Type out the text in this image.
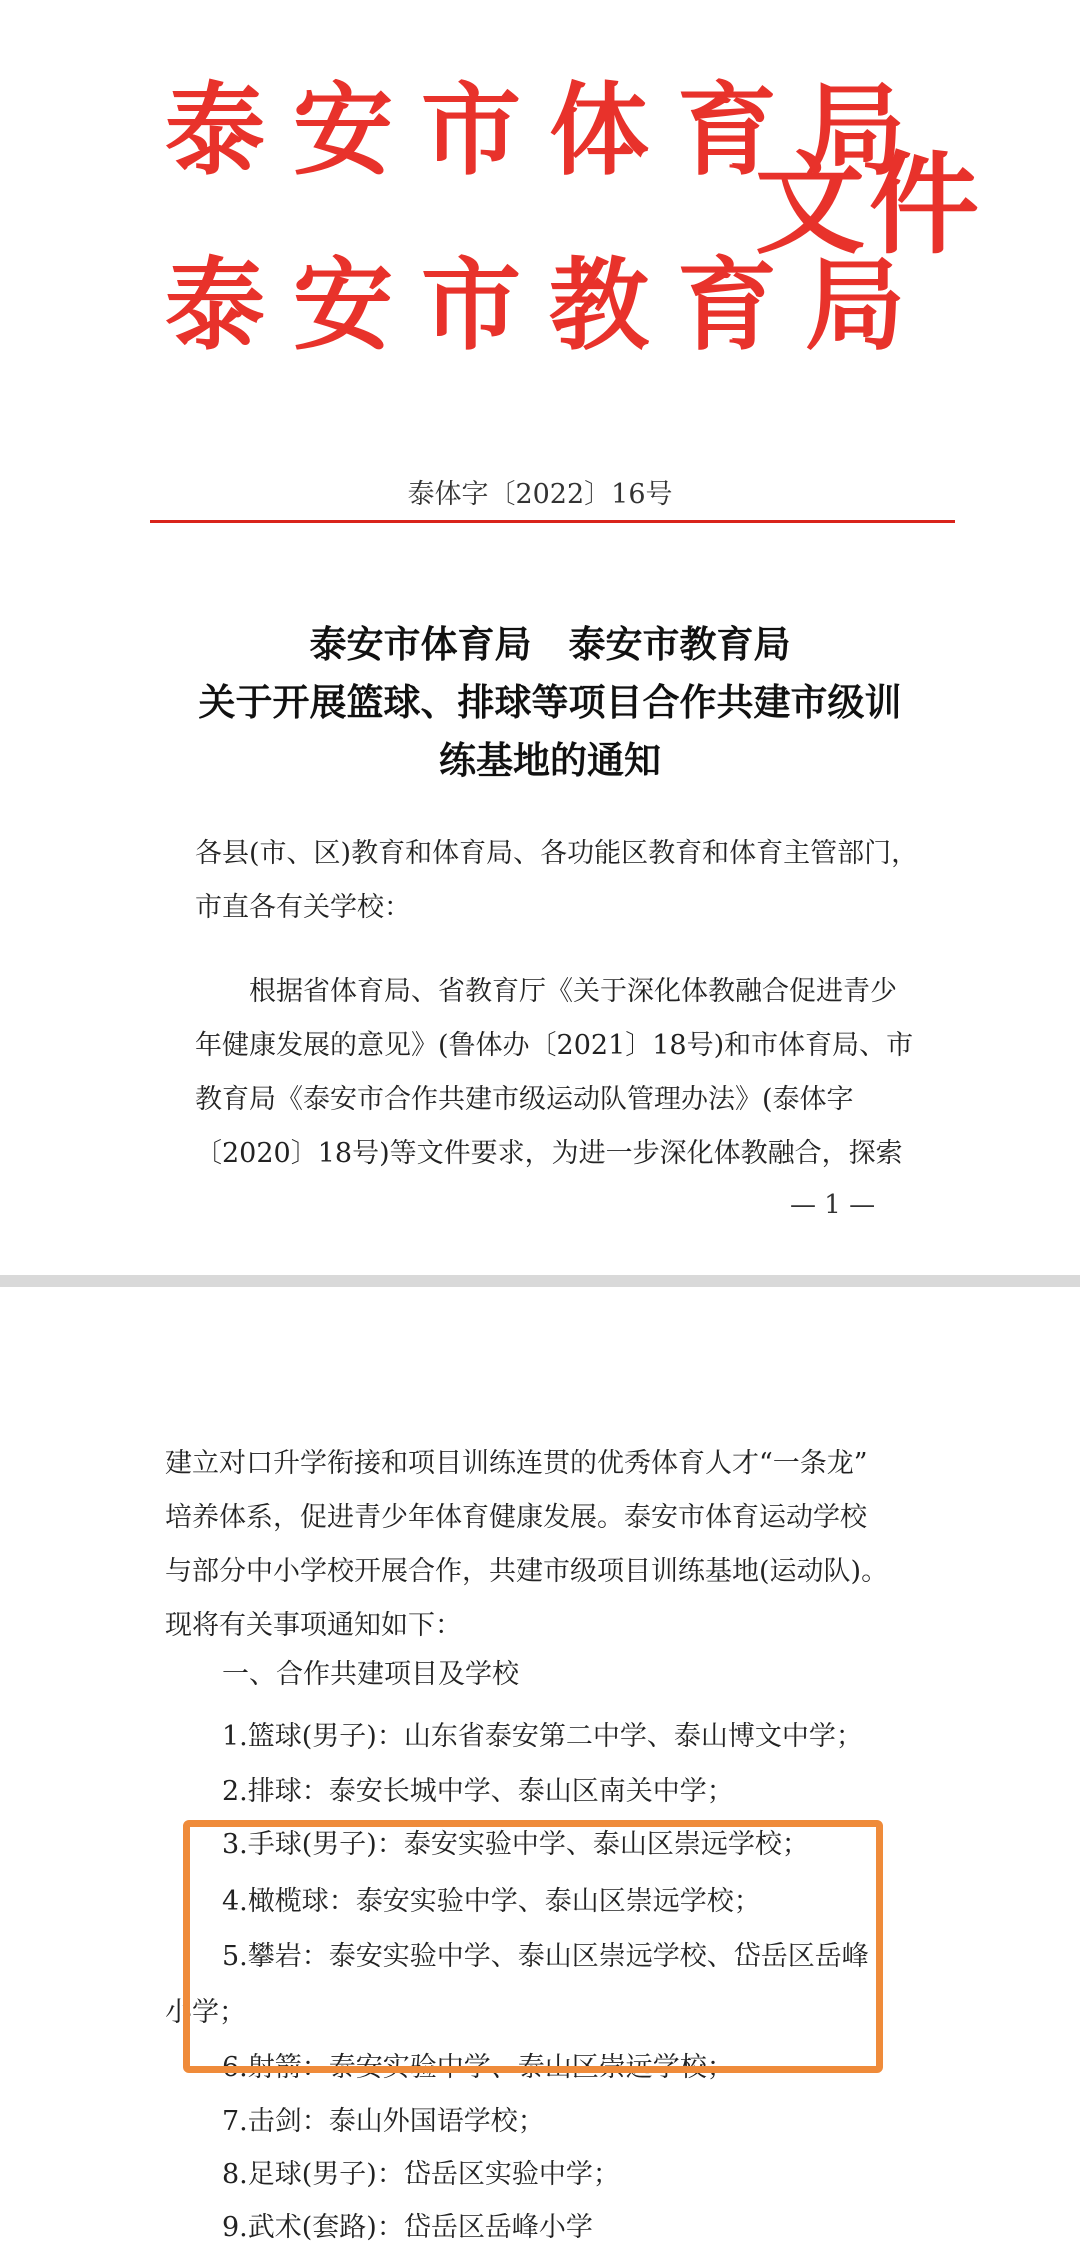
泰安市体育局
泰安市教育局
文件
泰体字〔2022〕16号
泰安市体育局　泰安市教育局
关于开展篮球、排球等项目合作共建市级训
练基地的通知
各县(市、区)教育和体育局、各功能区教育和体育主管部门，
市直各有关学校：
　　根据省体育局、省教育厅《关于深化体教融合促进青少
年健康发展的意见》(鲁体办〔2021〕18号)和市体育局、市
教育局《泰安市合作共建市级运动队管理办法》(泰体字
〔2020〕18号)等文件要求，为进一步深化体教融合，探索
— 1 —
建立对口升学衔接和项目训练连贯的优秀体育人才“一条龙”
培养体系，促进青少年体育健康发展。泰安市体育运动学校
与部分中小学校开展合作，共建市级项目训练基地(运动队)。
现将有关事项通知如下：
一、合作共建项目及学校
1.篮球(男子)：山东省泰安第二中学、泰山博文中学；
2.排球：泰安长城中学、泰山区南关中学；
3.手球(男子)：泰安实验中学、泰山区崇远学校；
4.橄榄球：泰安实验中学、泰山区崇远学校；
5.攀岩：泰安实验中学、泰山区崇远学校、岱岳区岳峰
小学；
6.射箭：泰安实验中学、泰山区崇远学校；
7.击剑：泰山外国语学校；
8.足球(男子)：岱岳区实验中学；
9.武术(套路)：岱岳区岳峰小学
